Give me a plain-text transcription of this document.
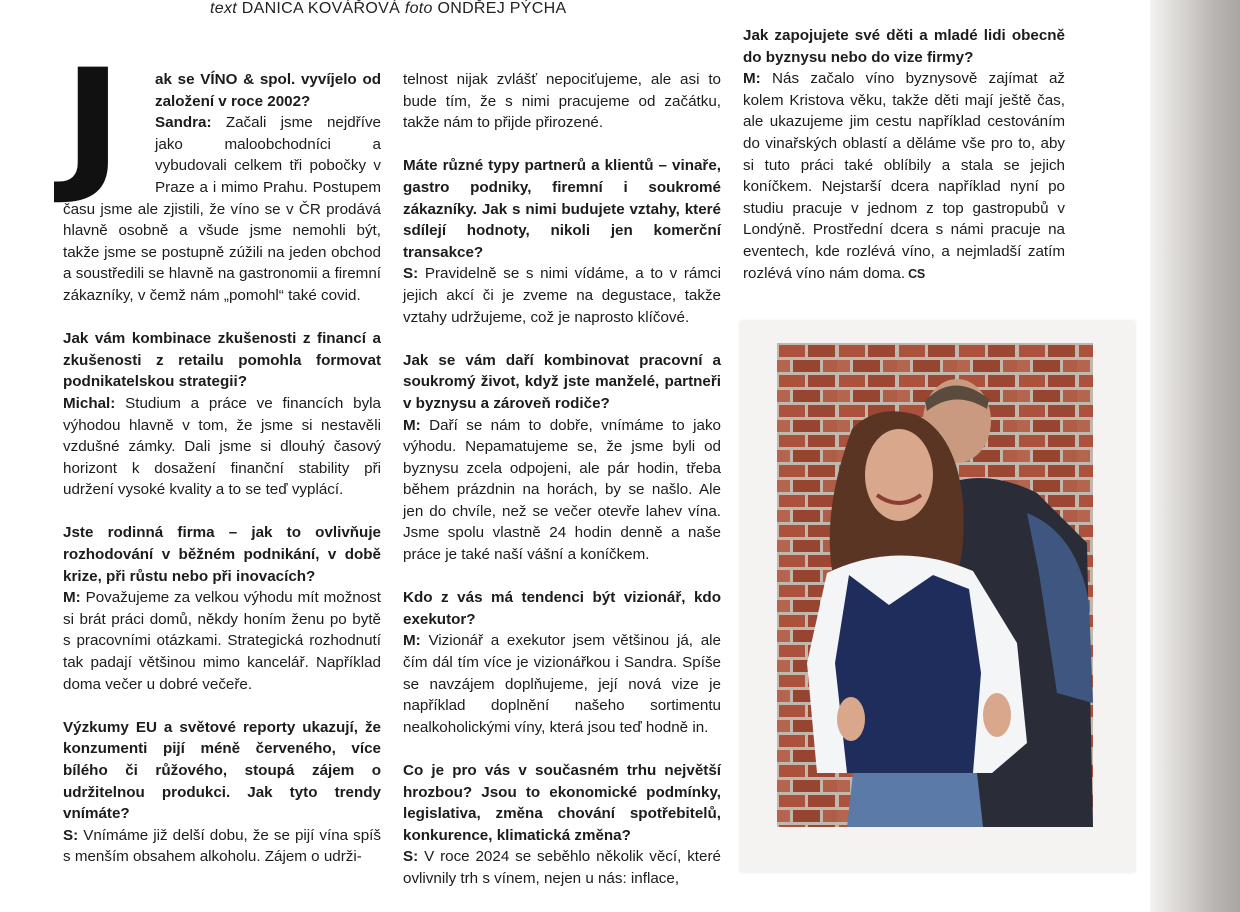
text DANICA KOVÁŘOVÁ foto ONDŘEJ PÝCHA
J	ak se VÍNO & spol. vyvíjelo od založení v roce 2002?
Sandra: Začali jsme nejdříve jako maloobchodníci a vybudovali celkem tři pobočky v Praze a i mimo Prahu. Postupem času jsme ale zjistili, že víno se v ČR prodává hlavně osobně a všude jsme nemohli být, takže jsme se postupně zúžili na jeden obchod a soustředili se hlavně na gastronomii a firemní zákazníky, v čemž nám „pomohl“ také covid.
Jak vám kombinace zkušenosti z financí a zkušenosti z retailu pomohla formovat podnikatelskou strategii?
Michal: Studium a práce ve financích byla výhodou hlavně v tom, že jsme si nestavěli vzdušné zámky. Dali jsme si dlouhý časový horizont k dosažení finanční stability při udržení vysoké kvality a to se teď vyplácí.
Jste rodinná firma – jak to ovlivňuje rozhodování v běžném podnikání, v době krize, při růstu nebo při inovacích?
M: Považujeme za velkou výhodu mít možnost si brát práci domů, někdy honím ženu po bytě s pracovními otázkami. Strategická rozhodnutí tak padají většinou mimo kancelář. Například doma večer u dobré večeře.
Výzkumy EU a světové reporty ukazují, že konzumenti pijí méně červeného, více bílého či růžového, stoupá zájem o udržitelnou produkci. Jak tyto trendy vnímáte?
S: Vnímáme již delší dobu, že se pijí vína spíš s menším obsahem alkoholu. Zájem o udrži-
telnost nijak zvlášť nepociťujeme, ale asi to bude tím, že s nimi pracujeme od začátku, takže nám to přijde přirozené.
Máte různé typy partnerů a klientů – vinaře, gastro podniky, firemní i soukromé zákazníky. Jak s nimi budujete vztahy, které sdílejí hodnoty, nikoli jen komerční transakce?
S: Pravidelně se s nimi vídáme, a to v rámci jejich akcí či je zveme na degustace, takže vztahy udržujeme, což je naprosto klíčové.
Jak se vám daří kombinovat pracovní a soukromý život, když jste manželé, partneři v byznysu a zároveň rodiče?
M: Daří se nám to dobře, vnímáme to jako výhodu. Nepamatujeme se, že jsme byli od byznysu zcela odpojeni, ale pár hodin, třeba během prázdnin na horách, by se našlo. Ale jen do chvíle, než se večer otevře lahev vína. Jsme spolu vlastně 24 hodin denně a naše práce je také naší vášní a koníčkem.
Kdo z vás má tendenci být vizionář, kdo exekutor?
M: Vizionář a exekutor jsem většinou já, ale čím dál tím více je vizionářkou i Sandra. Spíše se navzájem doplňujeme, její nová vize je například doplnění našeho sortimentu nealkoholickými víny, která jsou teď hodně in.
Co je pro vás v současném trhu největší hrozbou? Jsou to ekonomické podmínky, legislativa, změna chování spotřebitelů, konkurence, klimatická změna?
S: V roce 2024 se seběhlo několik věcí, které ovlivnily trh s vínem, nejen u nás: inflace,
Jak zapojujete své děti a mladé lidi obecně do byznysu nebo do vize firmy?
M: Nás začalo víno byznysově zajímat až kolem Kristova věku, takže děti mají ještě čas, ale ukazujeme jim cestu například cestováním do vinařských oblastí a děláme vše pro to, aby si tuto práci také oblíbily a stala se jejich koníčkem. Nejstarší dcera například nyní po studiu pracuje v jednom z top gastropubů v Londýně. Prostřední dcera s námi pracuje na eventech, kde rozlévá víno, a nejmladší zatím rozlévá víno nám doma. CS
